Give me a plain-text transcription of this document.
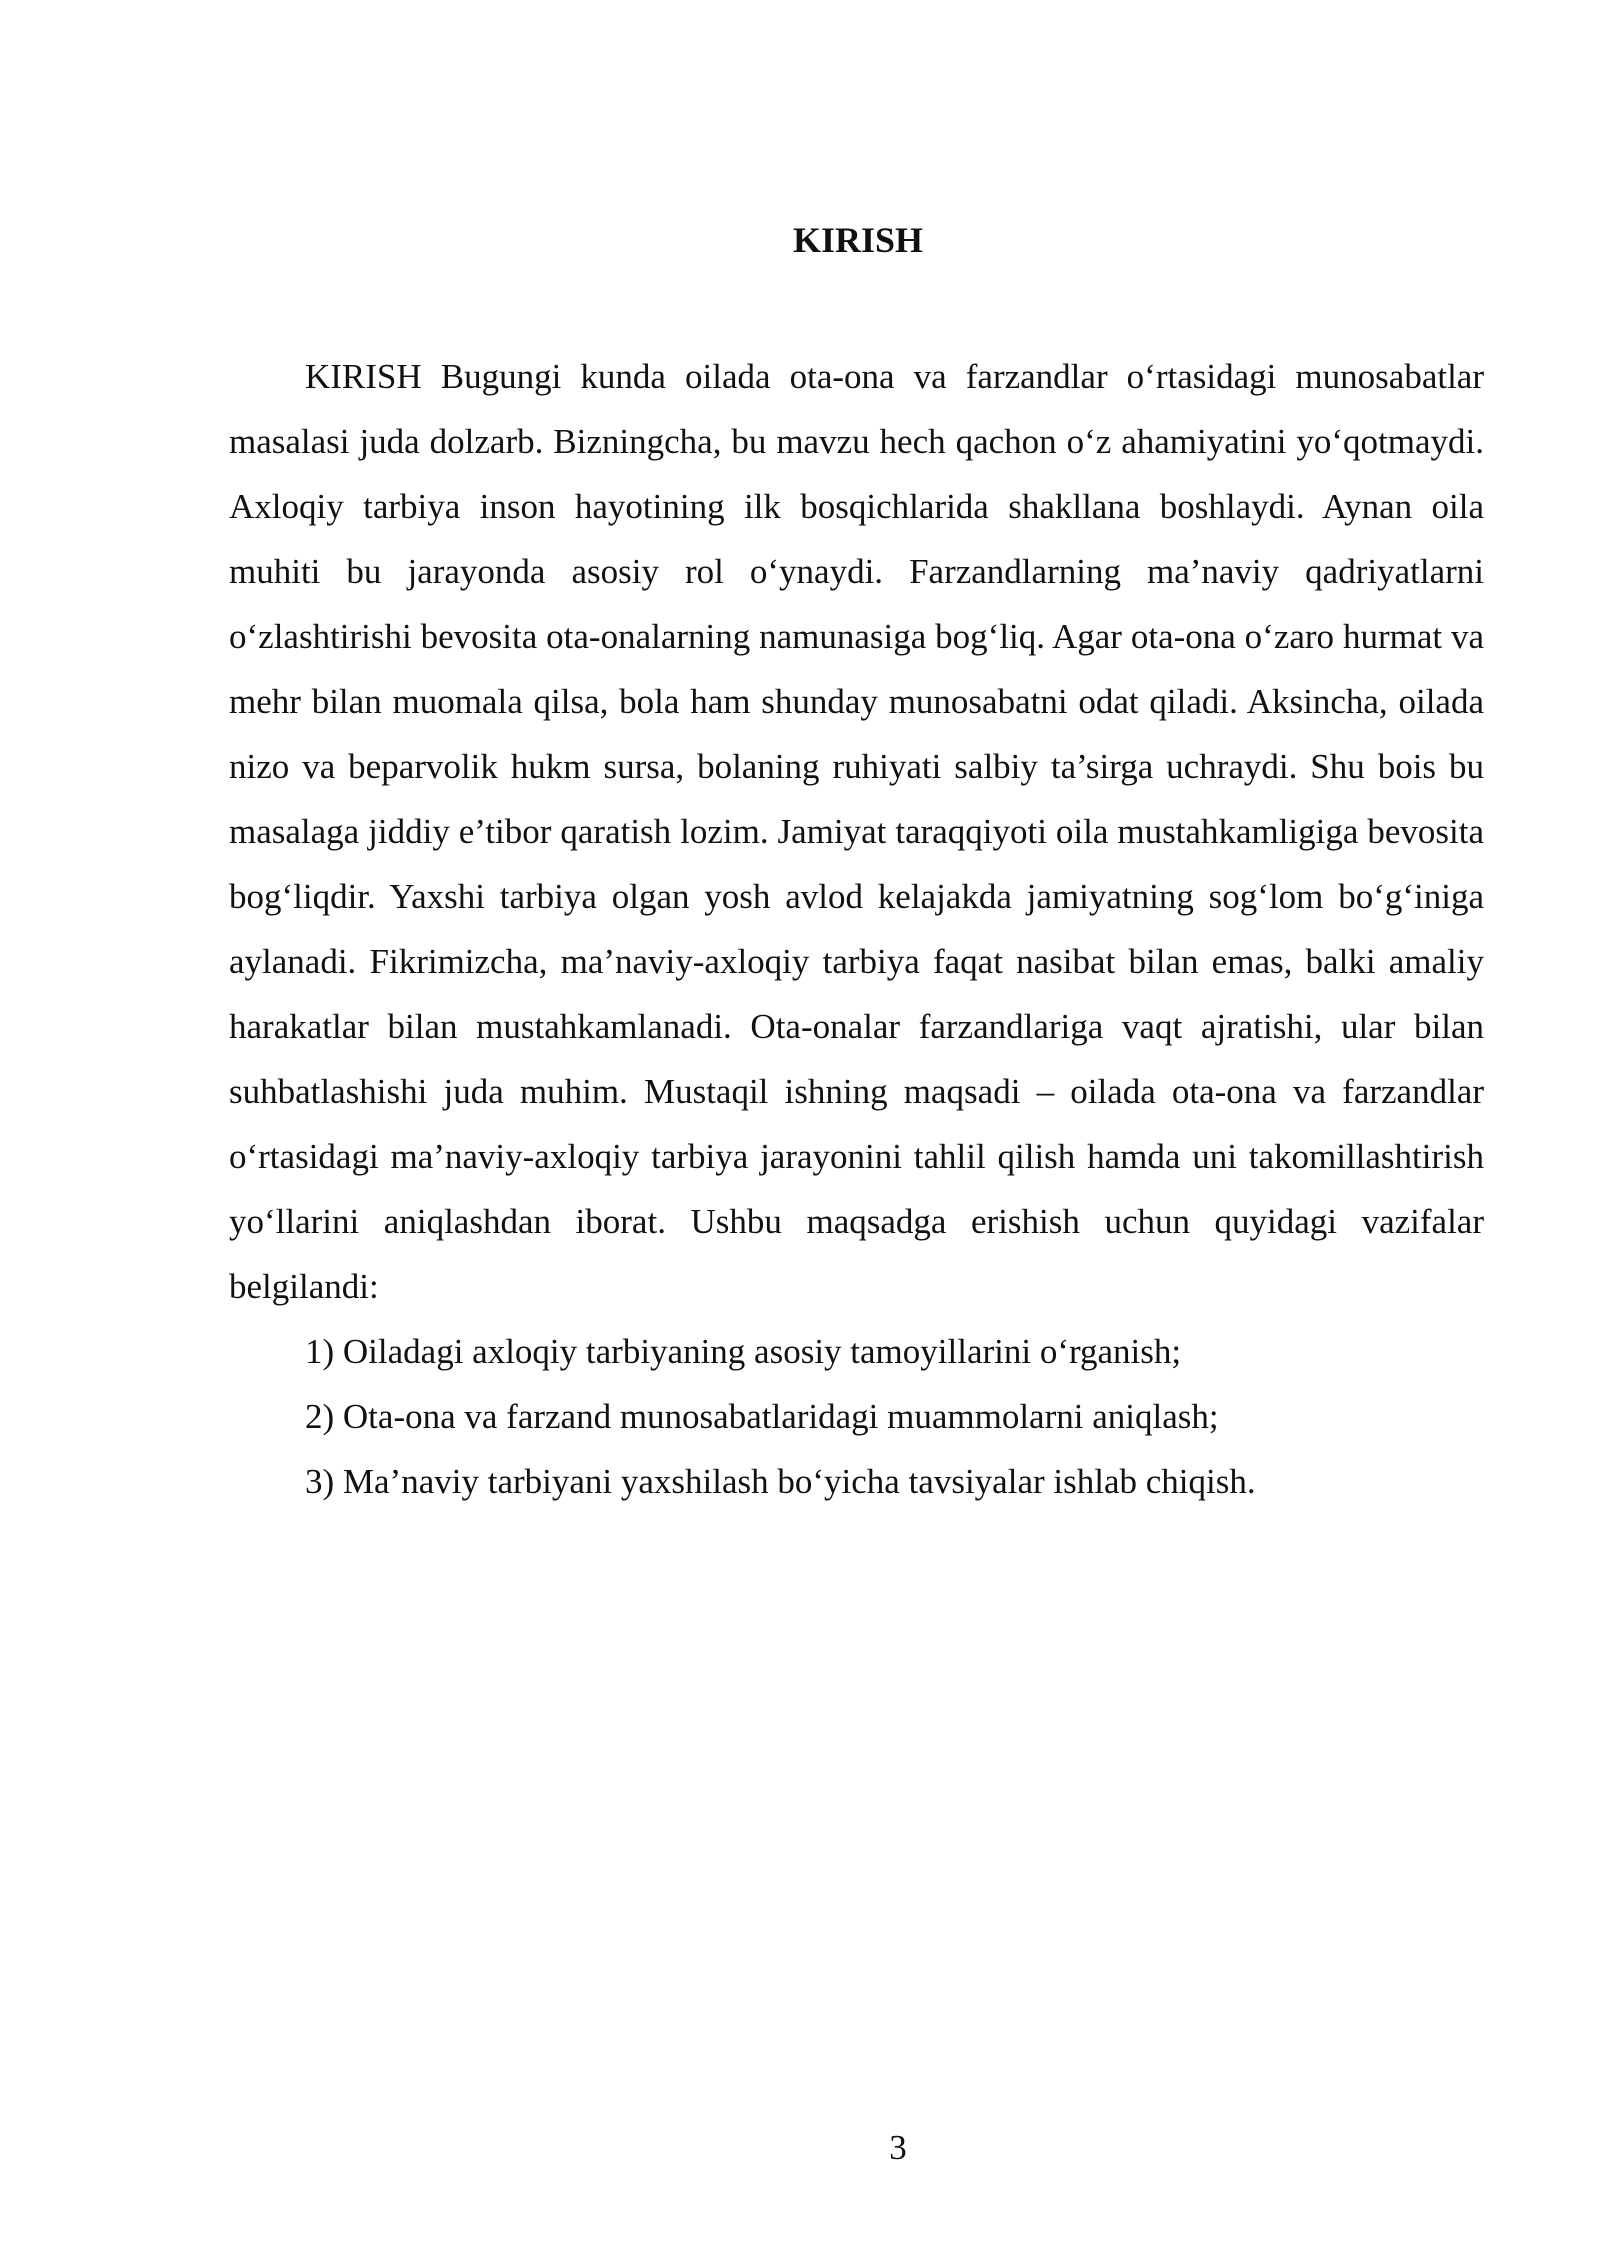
KIRISH

KIRISH Bugungi kunda oilada ota-ona va farzandlar o‘rtasidagi munosabatlar masalasi juda dolzarb. Bizningcha, bu mavzu hech qachon o‘z ahamiyatini yo‘qotmaydi. Axloqiy tarbiya inson hayotining ilk bosqichlarida shakllana boshlaydi. Aynan oila muhiti bu jarayonda asosiy rol o‘ynaydi. Farzandlarning ma’naviy qadriyatlarni o‘zlashtirishi bevosita ota-onalarning namunasiga bog‘liq. Agar ota-ona o‘zaro hurmat va mehr bilan muomala qilsa, bola ham shunday munosabatni odat qiladi. Aksincha, oilada nizo va beparvolik hukm sursa, bolaning ruhiyati salbiy ta’sirga uchraydi. Shu bois bu masalaga jiddiy e’tibor qaratish lozim. Jamiyat taraqqiyoti oila mustahkamligiga bevosita bog‘liqdir. Yaxshi tarbiya olgan yosh avlod kelajakda jamiyatning sog‘lom bo‘g‘iniga aylanadi. Fikrimizcha, ma’naviy-axloqiy tarbiya faqat nasibat bilan emas, balki amaliy harakatlar bilan mustahkamlanadi. Ota-onalar farzandlariga vaqt ajratishi, ular bilan suhbatlashishi juda muhim. Mustaqil ishning maqsadi – oilada ota-ona va farzandlar o‘rtasidagi ma’naviy-axloqiy tarbiya jarayonini tahlil qilish hamda uni takomillashtirish yo‘llarini aniqlashdan iborat. Ushbu maqsadga erishish uchun quyidagi vazifalar belgilandi:

1) Oiladagi axloqiy tarbiyaning asosiy tamoyillarini o‘rganish;
2) Ota-ona va farzand munosabatlaridagi muammolarni aniqlash;
3) Ma’naviy tarbiyani yaxshilash bo‘yicha tavsiyalar ishlab chiqish.
3
